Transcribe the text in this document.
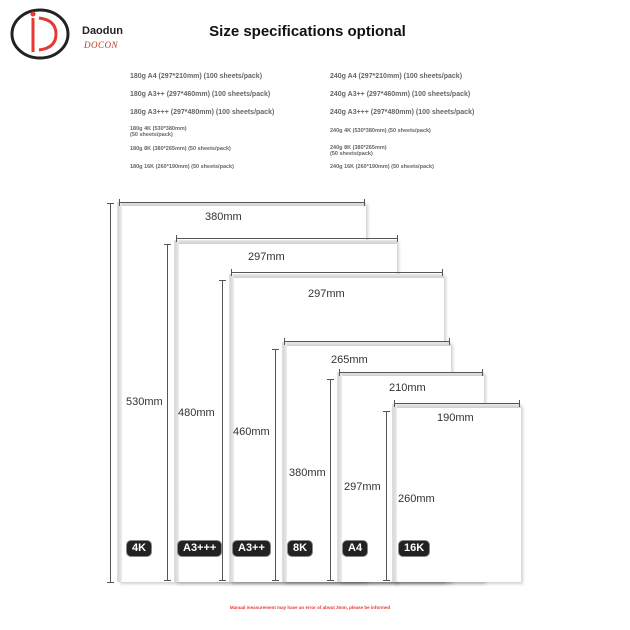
Daodun
DOCON
Size specifications optional
180g A4 (297*210mm) (100 sheets/pack)
180g A3++ (297*460mm) (100 sheets/pack)
180g A3+++ (297*480mm) (100 sheets/pack)
180g 4K (530*380mm)
(50 sheets/pack)
180g 8K (380*265mm) (50 sheets/pack)
180g 16K (260*190mm) (50 sheets/pack)
240g A4 (297*210mm) (100 sheets/pack)
240g A3++ (297*460mm) (100 sheets/pack)
240g A3+++ (297*480mm) (100 sheets/pack)
240g 4K (530*380mm) (50 sheets/pack)
240g 8K (380*265mm)
(50 sheets/pack)
240g 16K (260*190mm) (50 sheets/pack)
380mm
530mm
297mm
480mm
297mm
460mm
265mm
380mm
210mm
297mm
190mm
260mm
4K	A3+++	A3++	8K	A4	16K
Manual measurement may have an error of about 3mm, please be informed
